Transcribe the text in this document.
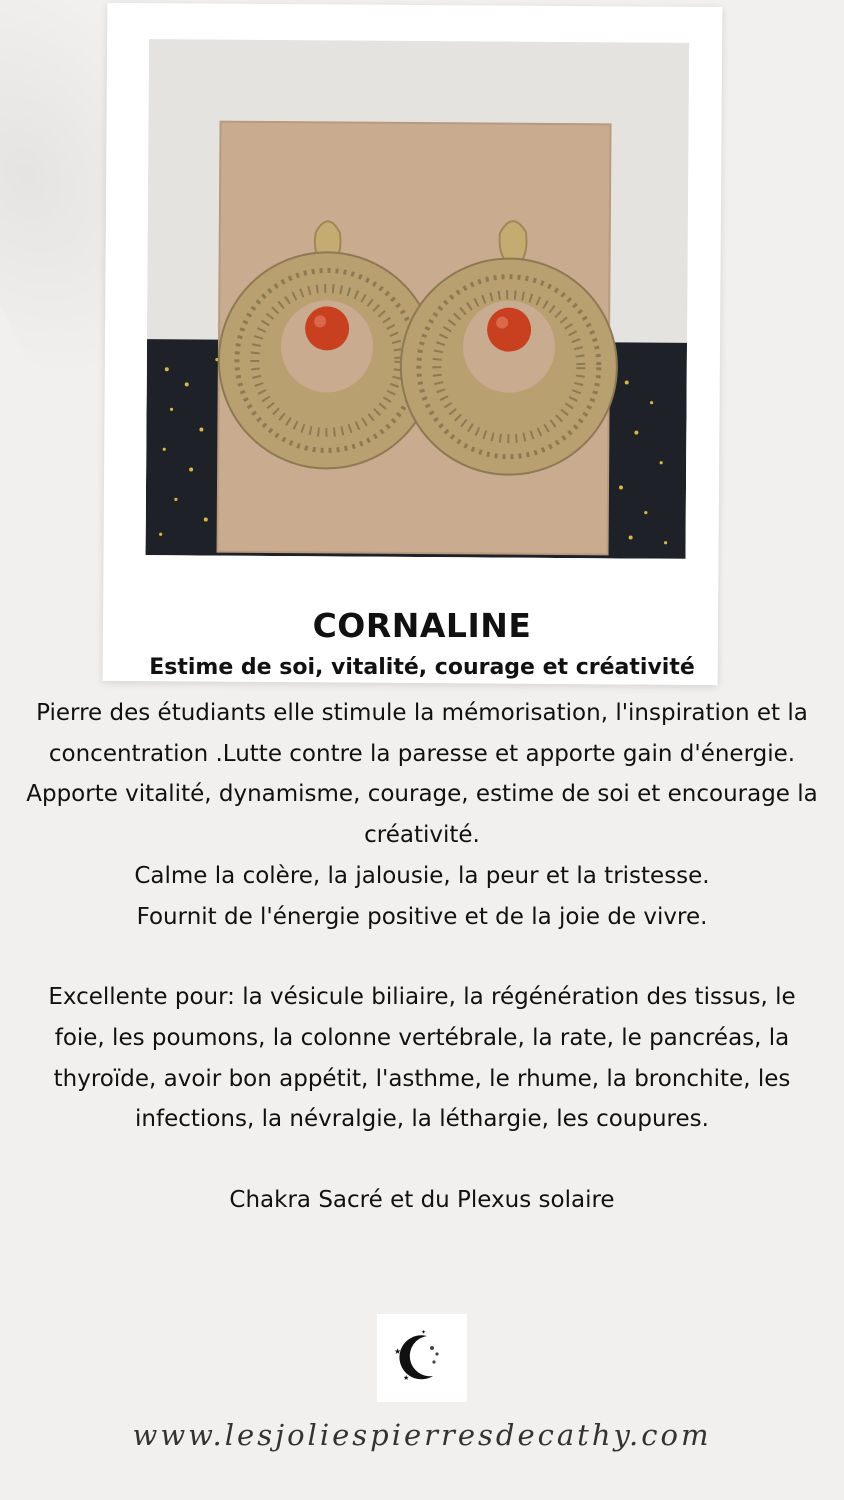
CORNALINE
Estime de soi, vitalité, courage et créativité

Pierre des étudiants elle stimule la mémorisation, l'inspiration et la concentration .Lutte contre la paresse et apporte gain d'énergie.

Apporte vitalité, dynamisme, courage, estime de soi et encourage la créativité.

Calme la colère, la jalousie, la peur et la tristesse.

Fournit de l'énergie positive et de la joie de vivre.

Excellente pour: la vésicule biliaire, la régénération des tissus, le foie, les poumons, la colonne vertébrale, la rate, le pancréas, la thyroïde, avoir bon appétit, l'asthme, le rhume, la bronchite, les infections, la névralgie, la léthargie, les coupures.

Chakra Sacré et du Plexus solaire

★
★
✦
www.lesjoliespierresdecathy.com
